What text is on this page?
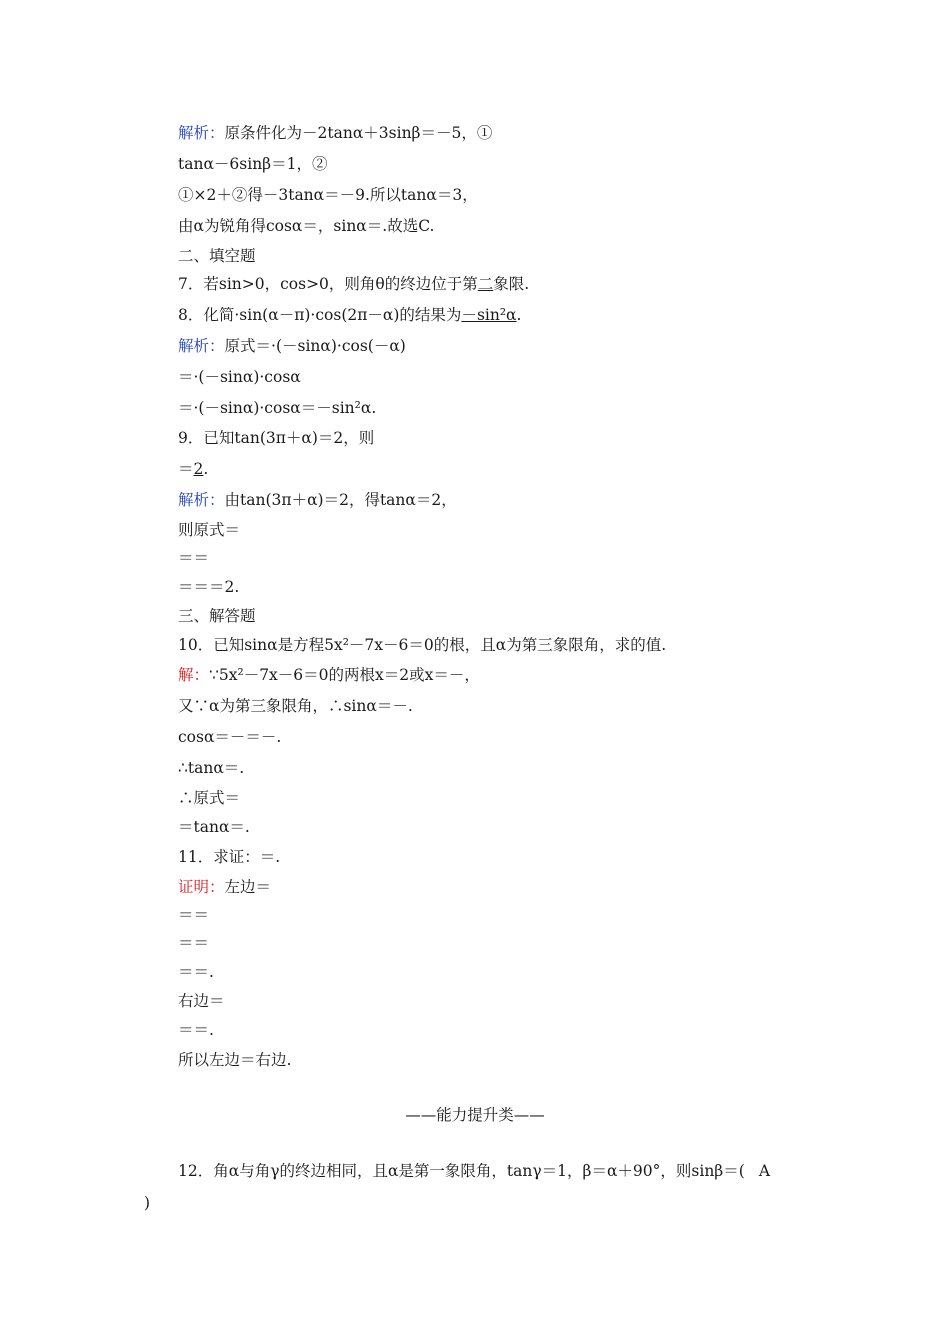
解析：原条件化为－2tanα＋3sinβ＝－5，①
tanα－6sinβ＝1，②
①×2＋②得－3tanα＝－9.所以tanα＝3，
由α为锐角得cosα＝，sinα＝.故选C.
二、填空题
7．若sin>0，cos>0，则角θ的终边位于第二象限.
8．化简·sin(α－π)·cos(2π－α)的结果为－sin²α.
解析：原式＝·(－sinα)·cos(－α)
＝·(－sinα)·cosα
＝·(－sinα)·cosα＝－sin²α.
9．已知tan(3π＋α)＝2，则
＝2.
解析：由tan(3π＋α)＝2，得tanα＝2，
则原式＝
＝＝
＝＝＝2.
三、解答题
10．已知sinα是方程5x²－7x－6＝0的根，且α为第三象限角，求的值.
解：∵5x²－7x－6＝0的两根x＝2或x＝－，
又∵α为第三象限角，∴sinα＝－.
cosα＝－＝－.
∴tanα＝.
∴原式＝
＝tanα＝.
11．求证：＝.
证明：左边＝
＝＝
＝＝
＝＝.
右边＝
＝＝.
所以左边＝右边.
——能力提升类——
12．角α与角γ的终边相同，且α是第一象限角，tanγ＝1，β＝α＋90°，则sinβ＝( A
)
